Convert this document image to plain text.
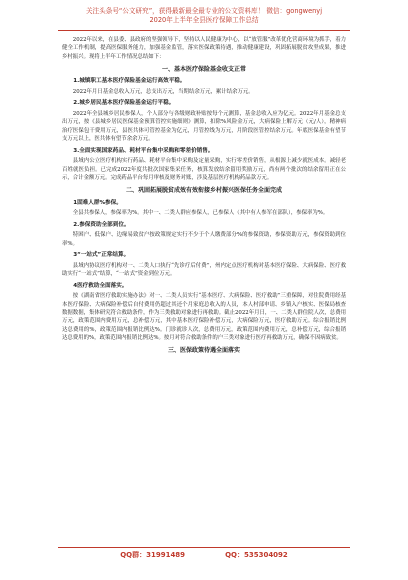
关注头条号“公文研究”，获得最新最全最专业的公文资料库！ 微信：gongwenyj
2020年上半年全县医疗保障工作总结

2022年以来，在县委、县政府的坚强领导下，坚持以人民健康为中心，以“放管服”改革优化营商环境为抓手，着力健全工作机制，提高医保服务能力，加强基金监管，落实医保政策待遇，推动健康建设，巩固拓展脱贫攻坚成果，推进乡村振兴。现将上半年工作情况总结如下：

一、基本医疗保险基金收支正常
1.城镇职工基本医疗保险基金运行高效平稳。

2022年月日基金总收入万元，总支出万元，当期结余万元，累计结余万元。

2.城乡居民基本医疗保险基金运行平稳。

2022年全县城乡居民参保人，个人部分与各级财政补贴按每个元测算，基金总收入应为亿元。2022年月基金总支出万元，按《县城乡居民医保基金预算管控实施细则》测算，扣除%风险金万元，大病保险上解万元（元/人），精神病治疗医保包干费用万元，县医共体可管控基金为亿元，月管控线为万元，月阶段医管控结余万元。年底医保基金有望节支万元以上，医共体有望节余余万元。

3.全面实现国家药品、耗材平台集中采购和零差价销售。

县域内公立医疗机构实行药品、耗材平台集中采购及定量采购，实行零差价销售，从根源上减少就医成本。减轻老百姓就医负担。已完成2022年度共批次国家集采任务，核算发放结余留用奖励万元，尚有两个批次的结余留用正在公示，合计金额万元。完成药品平台每月审核及财务对账，涉及基层医疗机构药品款万元。

二、巩固拓展脱贫成效有效衔接乡村振兴医保任务全面完成
1固难人群%参保。

全县共参保人，参保率为%。其中一、二类人群应参保人，已参保人（其中有人参军在部队），参保率为%。

2.参保资助全部到位。

特困户、低保户、边缘易致贫户按政策规定实行不少于个人缴费部分%的参保资助，参保资助万元，参保资助到位率%。

3“一站式”正常结算。

县域内协议医疗机构对一、二类人口执行“先诊疗后付费”，州内定点医疗机构对基本医疗保险、大病保险、医疗救助实行“一站式”结算，“一站式”资金到位万元。

4医疗救助全面落实。

按《湖南省医疗救助实施办法》对一、二类人员实行“基本医疗、大病保险、医疗救助”三重保障，对住院费用经基本医疗保险、大病保险补偿后自付费用仍超过其还个月家庭总收入的人员，本人村部申请、乡镇入户核实、医保局核查数据数据，集体研究符合救助条件，作为三类救助对象进行再救助。截止2022年月日，一、二类人群住院人次，总费用万元，政策范围内费用万元，总补偿万元，其中基本医疗保险补偿万元，大病保险万元，医疗救助万元。综合报销比例达总费用的%，政策范围内报销比例达%。门诊就诊人次，总费用万元，政策范围内费用万元，总补偿万元，综合报销达总费用的%，政策范围内报销比例达%。按月对符合救助条件的户三类对象进行医疗再救助万元，确保不因病致贫。

三、医保政策待遇全面落实
QQ群：31991489	QQ：535304092
